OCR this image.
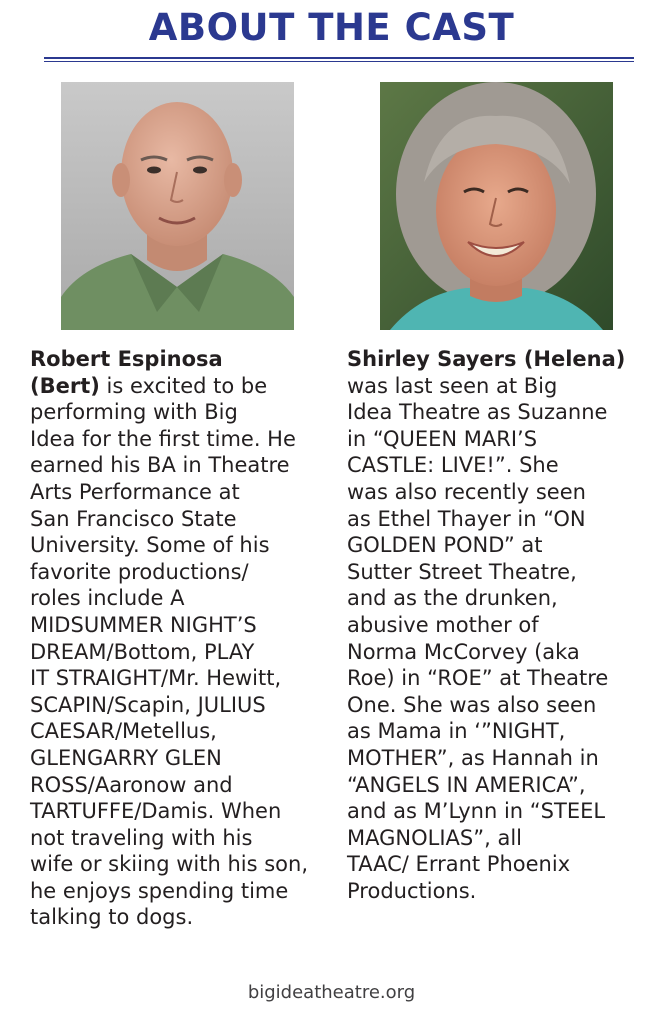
ABOUT THE CAST
Robert Espinosa
(Bert) is excited to be
performing with Big
Idea for the first time. He
earned his BA in Theatre
Arts Performance at
San Francisco State
University. Some of his
favorite productions/
roles include A
MIDSUMMER NIGHT’S
DREAM/Bottom, PLAY
IT STRAIGHT/Mr. Hewitt,
SCAPIN/Scapin, JULIUS
CAESAR/Metellus,
GLENGARRY GLEN
ROSS/Aaronow and
TARTUFFE/Damis. When
not traveling with his
wife or skiing with his son,
he enjoys spending time
talking to dogs.
Shirley Sayers (Helena)
was last seen at Big
Idea Theatre as Suzanne
in “QUEEN MARI’S
CASTLE: LIVE!”. She
was also recently seen
as Ethel Thayer in “ON
GOLDEN POND” at
Sutter Street Theatre,
and as the drunken,
abusive mother of
Norma McCorvey (aka
Roe) in “ROE” at Theatre
One. She was also seen
as Mama in ‘”NIGHT,
MOTHER”, as Hannah in
“ANGELS IN AMERICA”,
and as M’Lynn in “STEEL
MAGNOLIAS”, all
TAAC/ Errant Phoenix
Productions.
bigideatheatre.org
